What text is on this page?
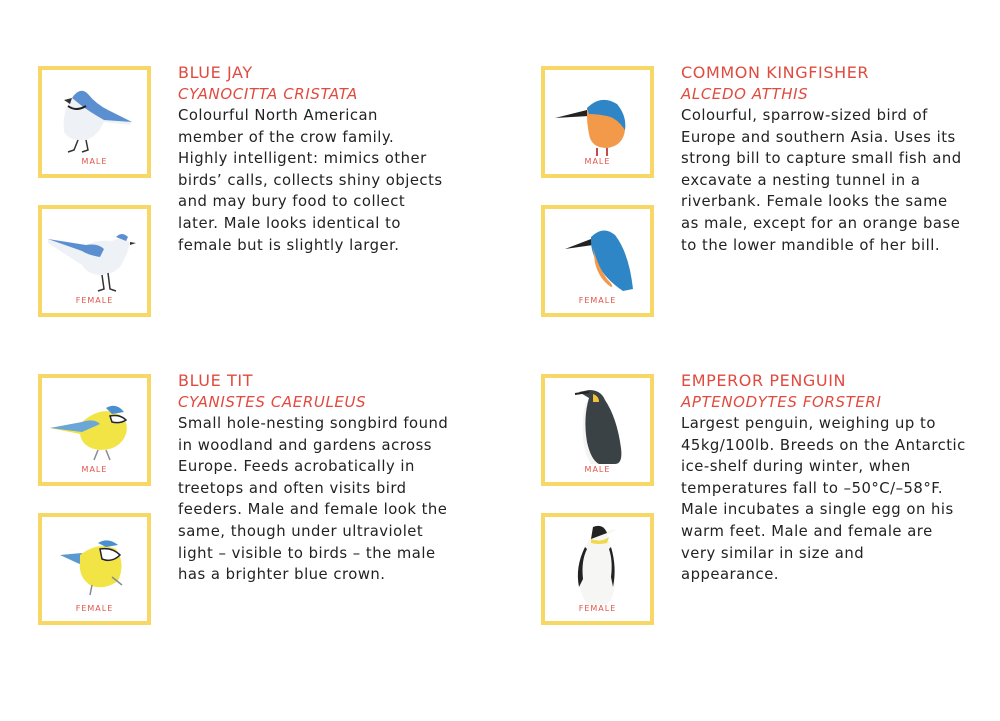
MALE
FEMALE
BLUE JAY

CYANOCITTA CRISTATA

Colourful North American member of the crow family. Highly intelligent: mimics other birds’ calls, collects shiny objects and may bury food to collect later. Male looks identical to female but is slightly larger.

MALE
FEMALE
COMMON KINGFISHER

ALCEDO ATTHIS

Colourful, sparrow-sized bird of Europe and southern Asia. Uses its strong bill to capture small fish and excavate a nesting tunnel in a riverbank. Female looks the same as male, except for an orange base to the lower mandible of her bill.

MALE
FEMALE
BLUE TIT

CYANISTES CAERULEUS

Small hole-nesting songbird found in woodland and gardens across Europe. Feeds acrobatically in treetops and often visits bird feeders. Male and female look the same, though under ultraviolet light – visible to birds – the male has a brighter blue crown.

MALE
FEMALE
EMPEROR PENGUIN

APTENODYTES FORSTERI

Largest penguin, weighing up to 45kg/100lb. Breeds on the Antarctic ice-shelf during winter, when temperatures fall to –50°C/–58°F. Male incubates a single egg on his warm feet. Male and female are very similar in size and appearance.
